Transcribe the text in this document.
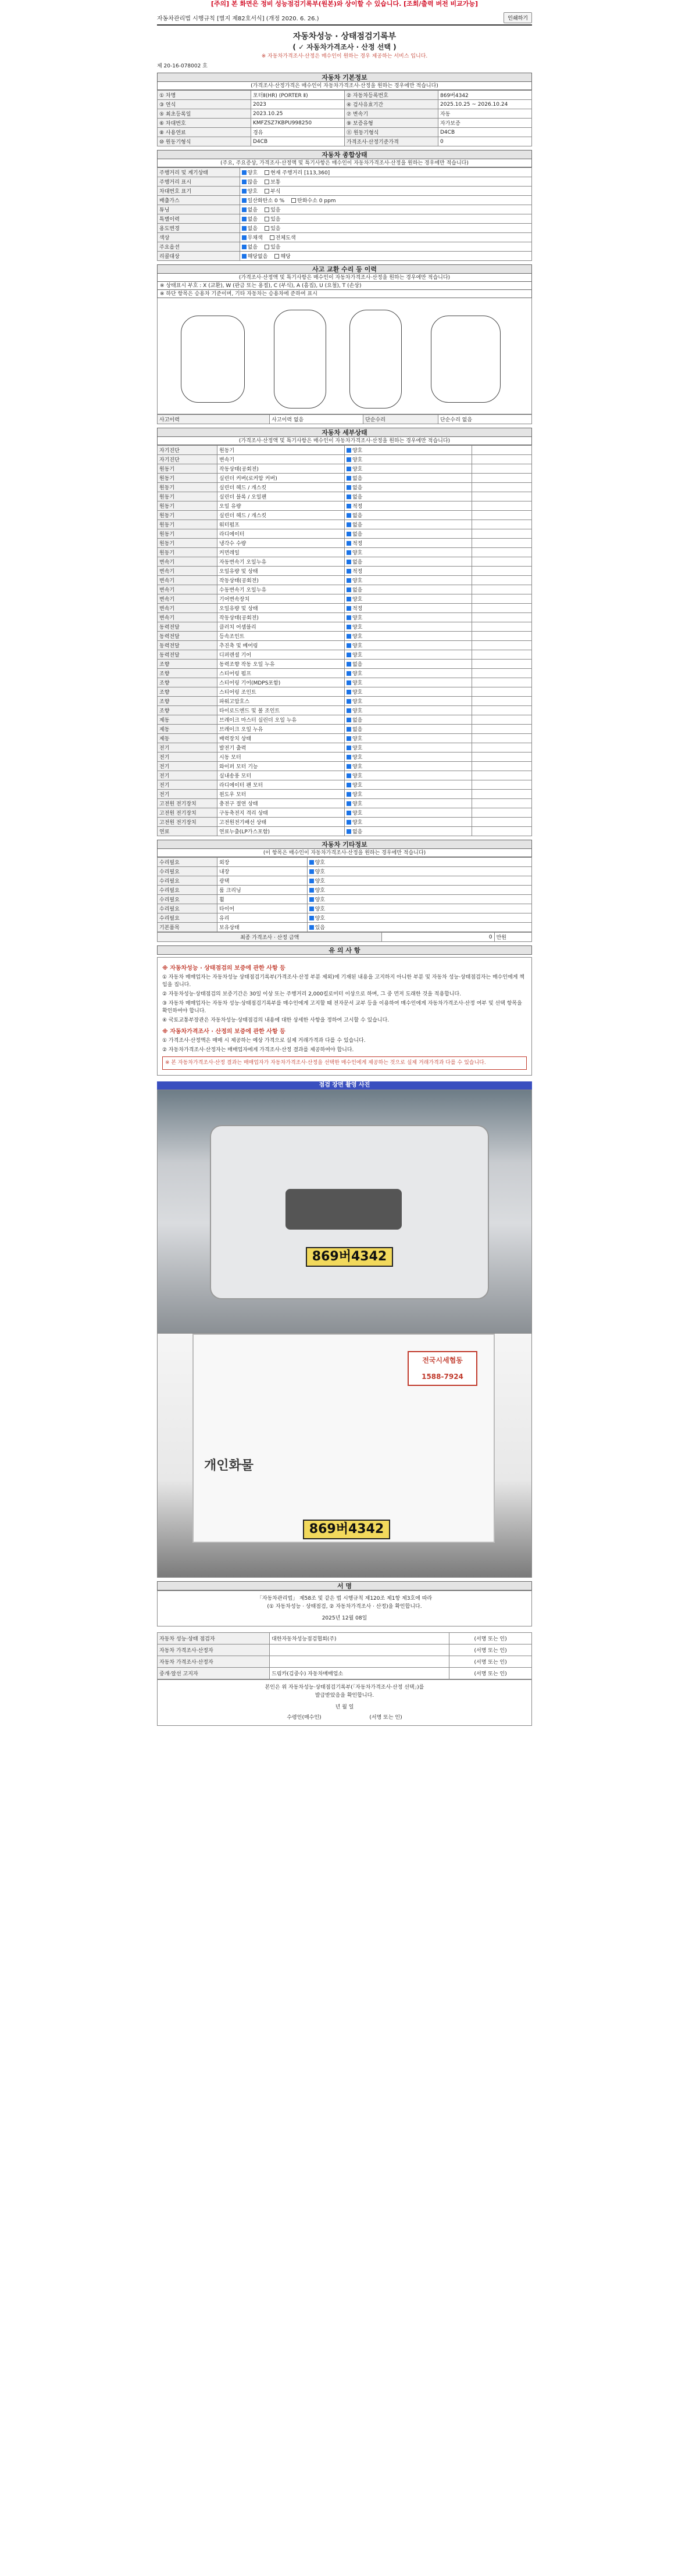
[주의] 본 화면은 정비 성능점검기록부(원본)와 상이할 수 있습니다. [조회/출력 버전 비교가능]
자동차관리법 시행규칙 [별지 제82호서식] (개정 2020. 6. 26.)	인쇄하기
자동차성능 · 상태점검기록부
( ✓ 자동차가격조사 · 산정 선택 )
※ 자동차가격조사·산정은 매수인이 원하는 경우 제공하는 서비스 입니다.
제 20-16-078002 호
자동차 기본정보
(가격조사·산정가격은 매수인이 자동차가격조사·산정을 원하는 경우에만 적습니다)
① 차명	포터Ⅱ(HR) (PORTER Ⅱ)	② 자동차등록번호	869버4342
③ 연식	2023	④ 검사유효기간	2025.10.25 ~ 2026.10.24
⑤ 최초등록일	2023.10.25	⑦ 변속기	자동
⑥ 차대번호	KMFZSZ7KBPU998250	⑨ 보증유형	자가보증
⑧ 사용연료	경유	⑪ 원동기형식	D4CB
⑩ 원동기형식	D4CB	가격조사·산정기준가격	0
자동차 종합상태
(주요, 주요증상, 가격조사·산정액 및 특기사항은 매수인이 자동차가격조사·산정을 원하는 경우에만 적습니다)
주행거리 및 계기상태	양호 현재 주행거리 [113,360]
주행거리 표시	많음 보통
차대번호 표기	양호 부식
배출가스	일산화탄소 0 % 탄화수소 0 ppm
튜닝	없음 있음
특별이력	없음 있음
용도변경	없음 있음
색상	무채색 전체도색
주요옵션	없음 있음
리콜대상	해당없음 해당
사고 교환 수리 등 이력
(가격조사·산정액 및 특기사항은 매수인이 자동차가격조사·산정을 원하는 경우에만 적습니다)
※ 상태표시 부호 : X (교환), W (판금 또는 용접), C (부식), A (흠집), U (요철), T (손상)
※ 하단 항목은 승용차 기준이며, 기타 자동차는 승용차에 준하여 표시
사고이력	사고이력 없음	단순수리	단순수리 없음
자동차 세부상태
(가격조사·산정액 및 특기사항은 매수인이 자동차가격조사·산정을 원하는 경우에만 적습니다)
자기진단	원동기	양호	
자기진단	변속기	양호	
원동기	작동상태(공회전)	양호	
원동기	실린더 커버(로커암 커버)	없음	
원동기	실린더 헤드 / 개스킷	없음	
원동기	실린더 블록 / 오일팬	없음	
원동기	오일 유량	적정	
원동기	실린더 헤드 / 개스킷	없음	
원동기	워터펌프	없음	
원동기	라디에이터	없음	
원동기	냉각수 수량	적정	
원동기	커먼레일	양호	
변속기	자동변속기 오일누유	없음	
변속기	오일유량 및 상태	적정	
변속기	작동상태(공회전)	양호	
변속기	수동변속기 오일누유	없음	
변속기	기어변속장치	양호	
변속기	오일유량 및 상태	적정	
변속기	작동상태(공회전)	양호	
동력전달	클러치 어셈블리	양호	
동력전달	등속조인트	양호	
동력전달	추진축 및 베어링	양호	
동력전달	디퍼렌셜 기어	양호	
조향	동력조향 작동 오일 누유	없음	
조향	스티어링 펌프	양호	
조향	스티어링 기어(MDPS포함)	양호	
조향	스티어링 조인트	양호	
조향	파워고압호스	양호	
조향	타이로드엔드 및 볼 조인트	양호	
제동	브레이크 마스터 실린더 오일 누유	없음	
제동	브레이크 오일 누유	없음	
제동	배력장치 상태	양호	
전기	발전기 출력	양호	
전기	시동 모터	양호	
전기	와이퍼 모터 기능	양호	
전기	실내송풍 모터	양호	
전기	라디에이터 팬 모터	양호	
전기	윈도우 모터	양호	
고전원 전기장치	충전구 절연 상태	양호	
고전원 전기장치	구동축전지 격리 상태	양호	
고전원 전기장치	고전원전기배선 상태	양호	
연료	연료누출(LP가스포함)	없음	
자동차 기타정보
(이 항목은 매수인이 자동차가격조사·산정을 원하는 경우에만 적습니다)
수리필요	외장	양호
수리필요	내장	양호
수리필요	광택	양호
수리필요	룸 크리닝	양호
수리필요	휠	양호
수리필요	타이어	양호
수리필요	유리	양호
기본품목	보유상태	있음
최종 가격조사 · 산정 금액	0	만원
유 의 사 항
※ 자동차성능 · 상태점검의 보증에 관한 사항 등

① 자동차 매매업자는 자동차성능 상태점검기록부(가격조사·산정 부분 제외)에 기재된 내용을 고지하지 아니한 부분 및 자동차 성능·상태점검자는 매수인에게 책임을 집니다.

② 자동차성능·상태점검의 보증기간은 30일 이상 또는 주행거리 2,000킬로미터 이상으로 하며, 그 중 먼저 도래한 것을 적용합니다.

③ 자동차 매매업자는 자동차 성능·상태점검기록부를 매수인에게 고지할 때 전자문서 교부 등을 이용하여 매수인에게 자동차가격조사·산정 여부 및 선택 항목을 확인하여야 합니다.

④ 국토교통부장관은 자동차성능·상태점검의 내용에 대한 상세한 사항을 정하여 고시할 수 있습니다.

※ 자동차가격조사 · 산정의 보증에 관한 사항 등

① 가격조사·산정액은 매매 시 제공하는 예상 가격으로 실제 거래가격과 다를 수 있습니다.

② 자동차가격조사·산정자는 매매업자에게 가격조사·산정 결과를 제공하여야 합니다.

※ 본 자동차가격조사·산정 결과는 매매업자가 자동차가격조사·산정을 선택한 매수인에게 제공하는 것으로 실제 거래가격과 다를 수 있습니다.

점검 장면 촬영 사진
869버4342
전국시세협동
1588-7924
개인화물
869버4342
서 명
「자동차관리법」 제58조 및 같은 법 시행규칙 제120조 제1항 제3호에 따라
(① 자동차성능 · 상태점검, ② 자동차가격조사 · 산정)을 확인합니다.
2025년 12월 08일
자동차 성능·상태 점검자	대한자동차성능점검협회(주)	(서명 또는 인)
자동차 가격조사·산정자		(서명 또는 인)
자동차 가격조사·산정자		(서명 또는 인)
중개·알선 고지자	드림카(김중수) 자동차매매업소	(서명 또는 인)
본인은 위 자동차성능·상태점검기록부(「자동차가격조사·산정 선택」)를
발급받았음을 확인합니다.
년 월 일
수령인(매수인)	(서명 또는 인)
